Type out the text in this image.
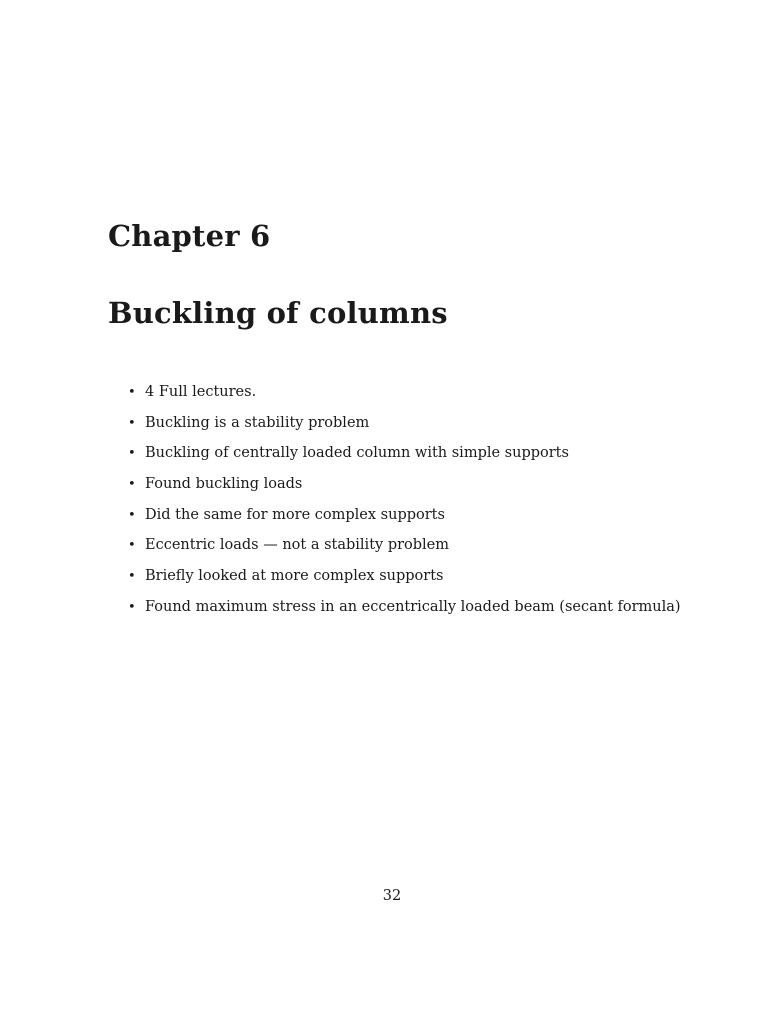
Chapter 6
Buckling of columns
• 4 Full lectures.
• Buckling is a stability problem
• Buckling of centrally loaded column with simple supports
• Found buckling loads
• Did the same for more complex supports
• Eccentric loads — not a stability problem
• Briefly looked at more complex supports
• Found maximum stress in an eccentrically loaded beam (secant formula)
32
